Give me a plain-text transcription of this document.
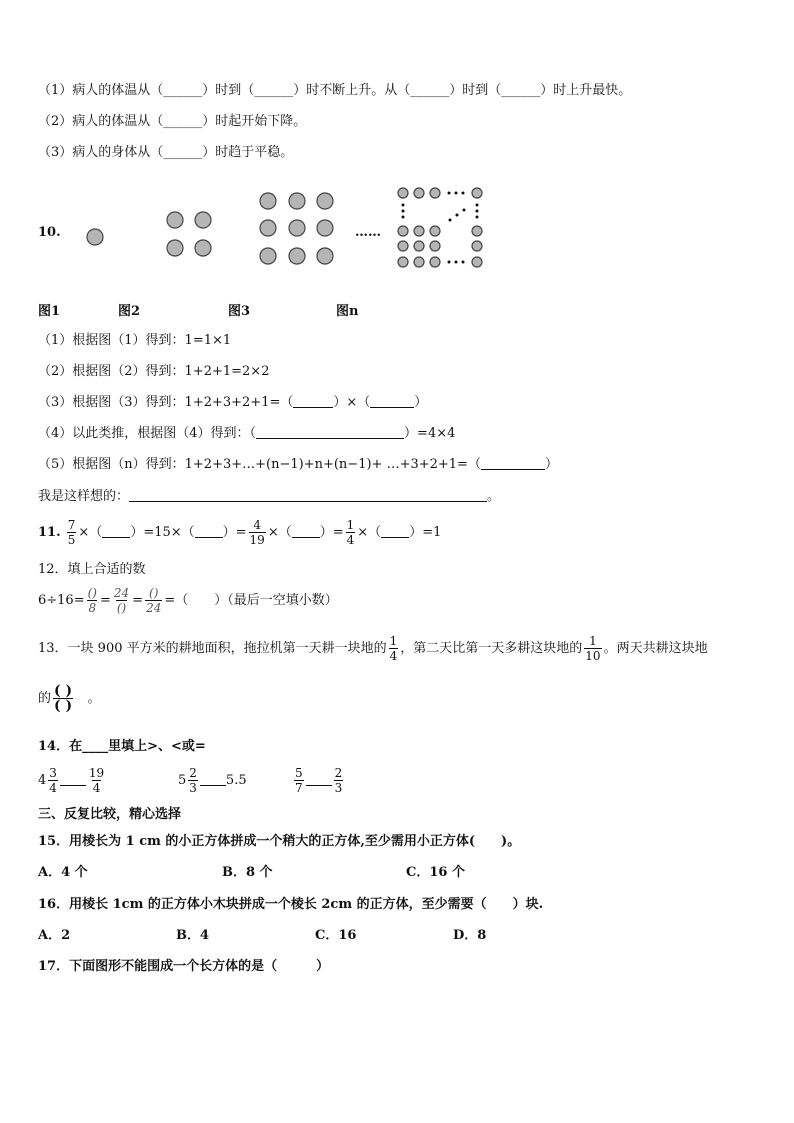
（1）病人的体温从（______）时到（______）时不断上升。从（______）时到（______）时上升最快。
（2）病人的体温从（______）时起开始下降。
（3）病人的身体从（______）时趋于平稳。
10.	……
图1	图2	图3	图n
（1）根据图（1）得到：1=1×1
（2）根据图（2）得到：1+2+1=2×2
（3）根据图（3）得到：1+2+3+2+1=（	）×（	）
（4）以此类推，根据图（4）得到：（	）=4×4
（5）根据图（n）得到：1+2+3+…+(n−1)+n+(n−1)+ …+3+2+1=（	）
我是这样想的：	。
11. $\frac{7}{5}$ ×（ ）=15×（ ）= $\frac{4}{19}$ ×（ ）= $\frac{1}{4}$ ×（ ）=1
12．填上合适的数
$6\div 16= \frac{()}{8} = \frac{24}{()} = \frac{()}{24}$ =（　　）（最后一空填小数）
13．一块 900 平方米的耕地面积，拖拉机第一天耕一块地的 $\frac{1}{4}$ ，第二天比第一天多耕这块地的 $\frac{1}{10}$ 。两天共耕这块地
的 $\frac{( )}{( )}$ 。
14．在____里填上>、<或=
$4 \frac{3}{4}$	$\frac{19}{4}$	$5 \frac{2}{3} 5.5$	$\frac{5}{7}$	$\frac{2}{3}$
三、反复比较，精心选择
15．用棱长为 1 cm 的小正方体拼成一个稍大的正方体,至少需用小正方体(　　)。
A．4 个	B．8 个	C．16 个
16．用棱长 1cm 的正方体小木块拼成一个棱长 2cm 的正方体，至少需要（　　）块.
A．2	B．4	C．16	D．8
17．下面图形不能围成一个长方体的是（　　　）
